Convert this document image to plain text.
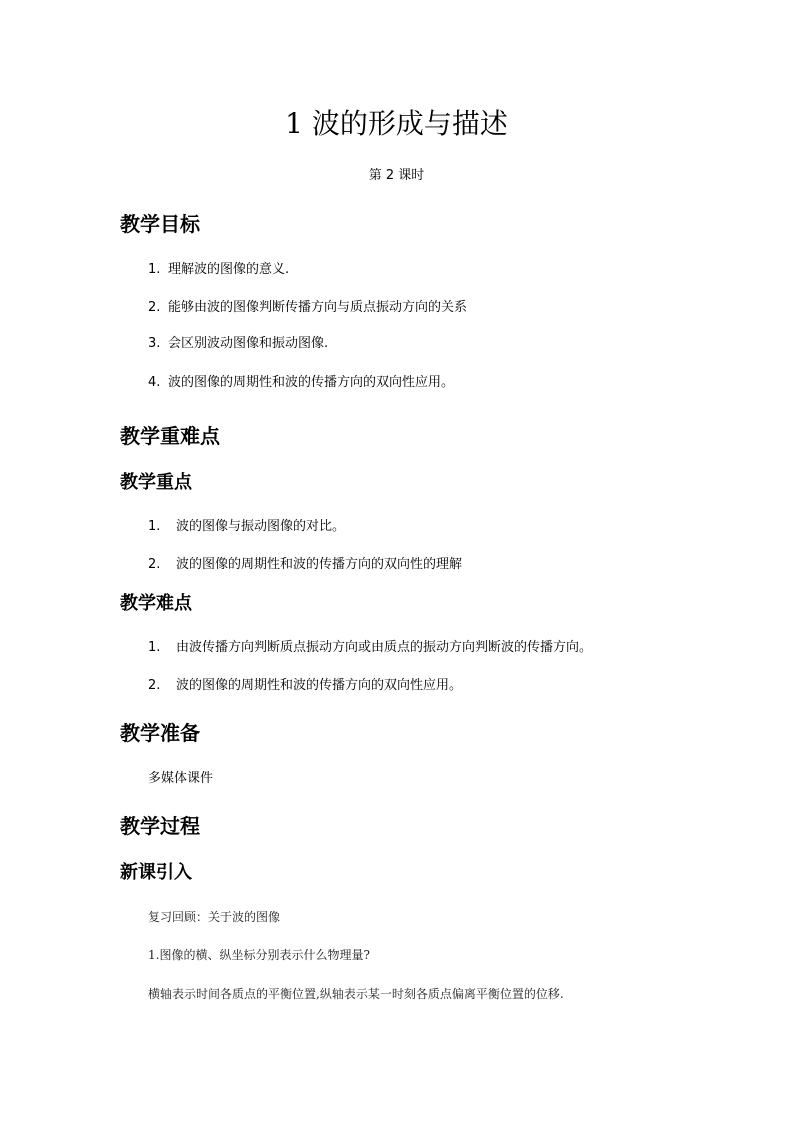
1 波的形成与描述
第 2 课时
教学目标
1. 理解波的图像的意义.
2. 能够由波的图像判断传播方向与质点振动方向的关系
3. 会区别波动图像和振动图像.
4. 波的图像的周期性和波的传播方向的双向性应用。
教学重难点
教学重点
1. 波的图像与振动图像的对比。
2. 波的图像的周期性和波的传播方向的双向性的理解
教学难点
1. 由波传播方向判断质点振动方向或由质点的振动方向判断波的传播方向。
2. 波的图像的周期性和波的传播方向的双向性应用。
教学准备
多媒体课件
教学过程
新课引入
复习回顾：关于波的图像
1.图像的横、纵坐标分别表示什么物理量?
横轴表示时间各质点的平衡位置,纵轴表示某一时刻各质点偏离平衡位置的位移.
